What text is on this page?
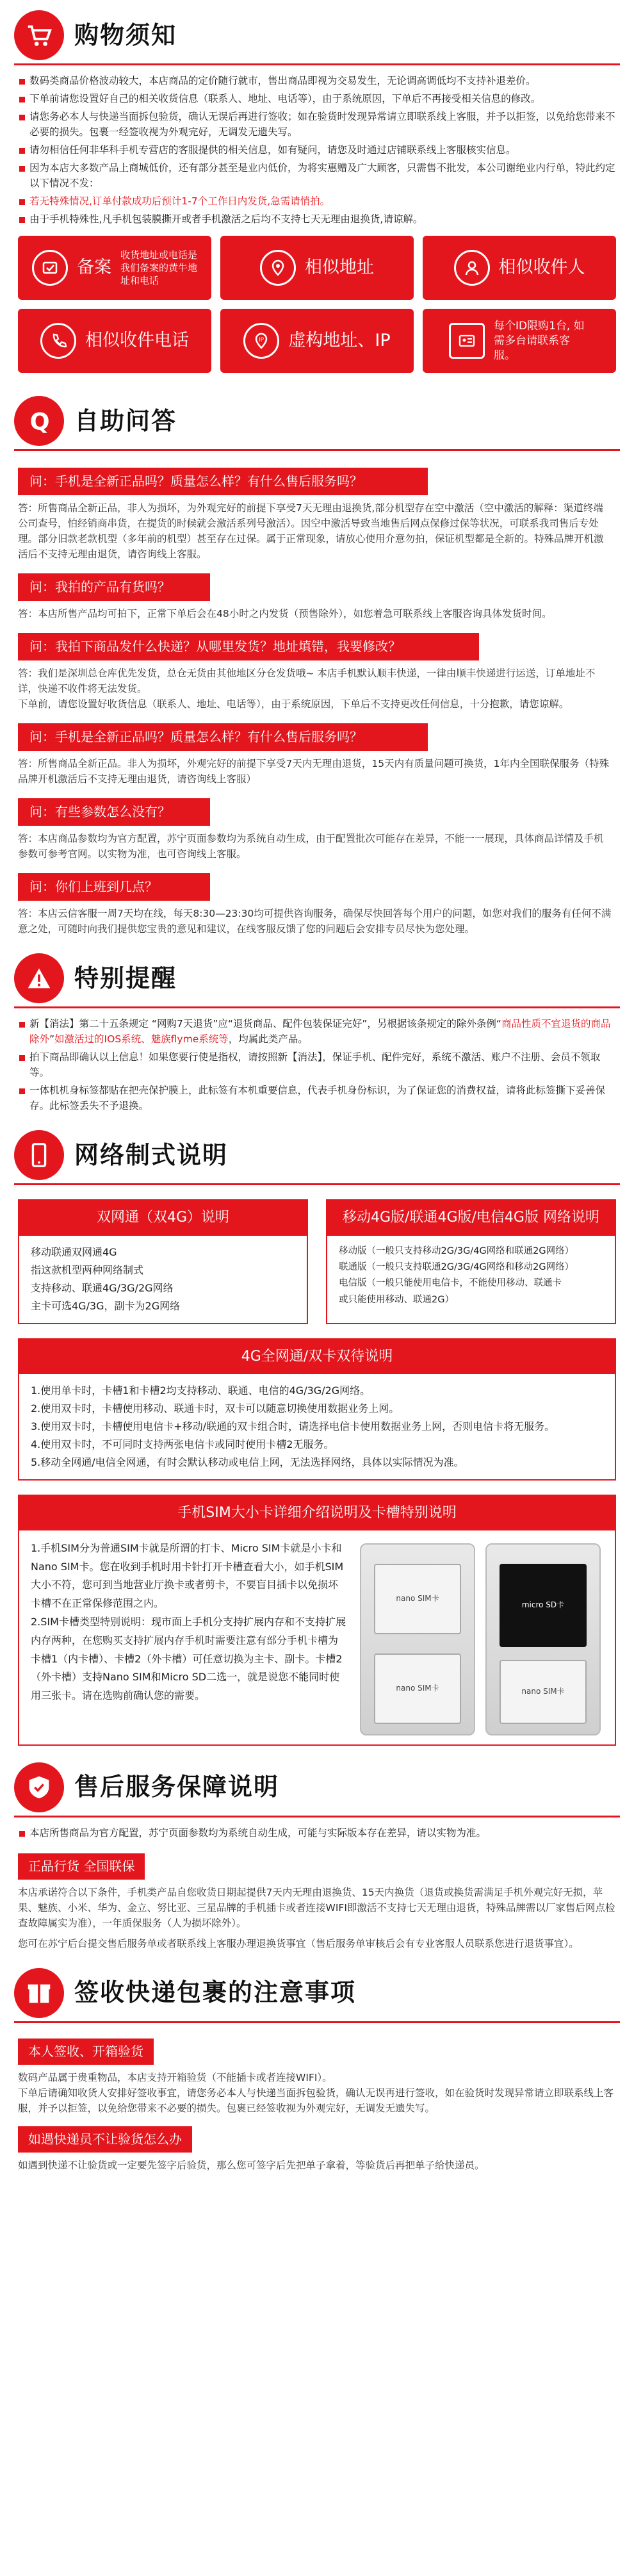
购物须知
数码类商品价格波动较大，本店商品的定价随行就市，售出商品即视为交易发生，无论调高调低均不支持补退差价。
下单前请您设置好自己的相关收货信息（联系人、地址、电话等），由于系统原因，下单后不再接受相关信息的修改。
请您务必本人与快递当面拆包验货，确认无误后再进行签收；如在验货时发现异常请立即联系线上客服，并予以拒签，以免给您带来不必要的损失。包裹一经签收视为外观完好，无调发无遗失写。
请勿相信任何非华科手机专营店的客服提供的相关信息，如有疑问，请您及时通过店铺联系线上客服核实信息。
因为本店大多数产品上商城低价，还有部分甚至是业内低价，为将实惠赠及广大顾客，只需售不批发，本公司谢绝业内行单，特此约定以下情况不发：
若无特殊情况,订单付款成功后预计1-7个工作日内发货,急需请悄拍。
由于手机特殊性,凡手机包装膜撕开或者手机激活之后均不支持七天无理由退换货,请谅解。
备案
收货地址或电话是我们备案的黄牛地址和电话
相似地址	相似收件人
相似收件电话	IP 虚构地址、IP
每个ID限购1台, 如需多台请联系客服。
Q 自助问答
问：手机是全新正品吗？质量怎么样？有什么售后服务吗？
答：所售商品全新正品，非人为损坏，为外观完好的前提下享受7天无理由退换货,部分机型存在空中激活（空中激活的解释：渠道终端公司查号，怕经销商串货，在提货的时候就会激活系列号激活）。因空中激活导致当地售后网点保修过保等状况，可联系我司售后专处理。部分旧款老款机型（多年前的机型）甚至存在过保。属于正常现象，请放心使用介意勿拍，保证机型都是全新的。特殊品牌开机激活后不支持无理由退货，请咨询线上客服。
问：我拍的产品有货吗？
答：本店所售产品均可拍下，正常下单后会在48小时之内发货（预售除外），如您着急可联系线上客服咨询具体发货时间。
问：我拍下商品发什么快递？从哪里发货？地址填错，我要修改？
答：我们是深圳总仓库优先发货，总仓无货由其他地区分仓发货哦~ 本店手机默认顺丰快递，一律由顺丰快递进行运送，订单地址不详，快递不收件将无法发货。
下单前，请您设置好收货信息（联系人、地址、电话等），由于系统原因，下单后不支持更改任何信息，十分抱歉，请您谅解。
问：手机是全新正品吗？质量怎么样？有什么售后服务吗？
答：所售商品全新正品。非人为损坏，外观完好的前提下享受7天内无理由退货，15天内有质量问题可换货，1年内全国联保服务（特殊品牌开机激活后不支持无理由退货，请咨询线上客服）
问：有些参数怎么没有？
答：本店商品参数均为官方配置，苏宁页面参数均为系统自动生成，由于配置批次可能存在差异，不能一一展现，具体商品详情及手机参数可参考官网。以实物为准，也可咨询线上客服。
问：你们上班到几点？
答：本店云信客服一周7天均在线，每天8:30—23:30均可提供咨询服务，确保尽快回答每个用户的问题，如您对我们的服务有任何不满意之处，可随时向我们提供您宝贵的意见和建议，在线客服反馈了您的问题后会安排专员尽快为您处理。
特别提醒
新【消法】第二十五条规定 “网购7天退货”应“退货商品、配件包装保证完好”，另根据该条规定的除外条例“商品性质不宜退货的商品除外”如激活过的IOS系统、魅族flyme系统等，均属此类产品。
拍下商品即确认以上信息！如果您要行使是指权，请按照新【消法】，保证手机、配件完好，系统不激活、账户不注册、会员不领取等。
一体机机身标签都贴在把壳保护膜上，此标签有本机重要信息，代表手机身份标识，为了保证您的消费权益，请将此标签撕下妥善保存。此标签丢失不予退换。
网络制式说明
双网通（双4G）说明
移动联通双网通4G
指这款机型两种网络制式
支持移动、联通4G/3G/2G网络
主卡可选4G/3G，副卡为2G网络
移动4G版/联通4G版/电信4G版 网络说明
移动版（一般只支持移动2G/3G/4G网络和联通2G网络）
联通版（一般只支持联通2G/3G/4G网络和移动2G网络）
电信版（一般只能使用电信卡，不能使用移动、联通卡
或只能使用移动、联通2G）
4G全网通/双卡双待说明
1.使用单卡时，卡槽1和卡槽2均支持移动、联通、电信的4G/3G/2G网络。
2.使用双卡时，卡槽使用移动、联通卡时，双卡可以随意切换使用数据业务上网。
3.使用双卡时，卡槽使用电信卡+移动/联通的双卡组合时，请选择电信卡使用数据业务上网，否则电信卡将无服务。
4.使用双卡时，不可同时支持两张电信卡或同时使用卡槽2无服务。
5.移动全网通/电信全网通，有时会默认移动或电信上网，无法选择网络，具体以实际情况为准。
手机SIM大小卡详细介绍说明及卡槽特别说明
1.手机SIM分为普通SIM卡就是所谓的打卡、Micro SIM卡就是小卡和Nano SIM卡。您在收到手机时用卡针打开卡槽查看大小，如手机SIM大小不符，您可到当地营业厅换卡或者剪卡，不要盲目插卡以免损坏卡槽不在正常保修范围之内。
2.SIM卡槽类型特别说明：现市面上手机分支持扩展内存和不支持扩展内存两种，在您购买支持扩展内存手机时需要注意有部分手机卡槽为卡槽1（内卡槽）、卡槽2（外卡槽）可任意切换为主卡、副卡。卡槽2（外卡槽）支持Nano SIM和Micro SD二选一，就是说您不能同时使用三张卡。请在选购前确认您的需要。
nano SIM卡
nano SIM卡
micro SD卡
nano SIM卡
售后服务保障说明
本店所售商品为官方配置，苏宁页面参数均为系统自动生成，可能与实际版本存在差异，请以实物为准。
正品行货 全国联保
本店承诺符合以下条件，手机类产品自您收货日期起提供7天内无理由退换货、15天内换货（退货或换货需满足手机外观完好无损，苹果、魅族、小米、华为、金立、努比亚、三星品牌的手机插卡或者连接WIFI即激活不支持七天无理由退货，特殊品牌需以厂家售后网点检查故障属实为准），一年质保服务（人为损坏除外）。
您可在苏宁后台提交售后服务单或者联系线上客服办理退换货事宜（售后服务单审核后会有专业客服人员联系您进行退货事宜）。
签收快递包裹的注意事项
本人签收、开箱验货
数码产品属于贵重物品，本店支持开箱验货（不能插卡或者连接WIFI）。
下单后请确知收货人安排好签收事宜，请您务必本人与快递当面拆包验货，确认无误再进行签收，如在验货时发现异常请立即联系线上客服，并予以拒签，以免给您带来不必要的损失。包裹已经签收视为外观完好，无调发无遗失写。
如遇快递员不让验货怎么办
如遇到快递不让验货或一定要先签字后验货，那么您可签字后先把单子拿着，等验货后再把单子给快递员。
